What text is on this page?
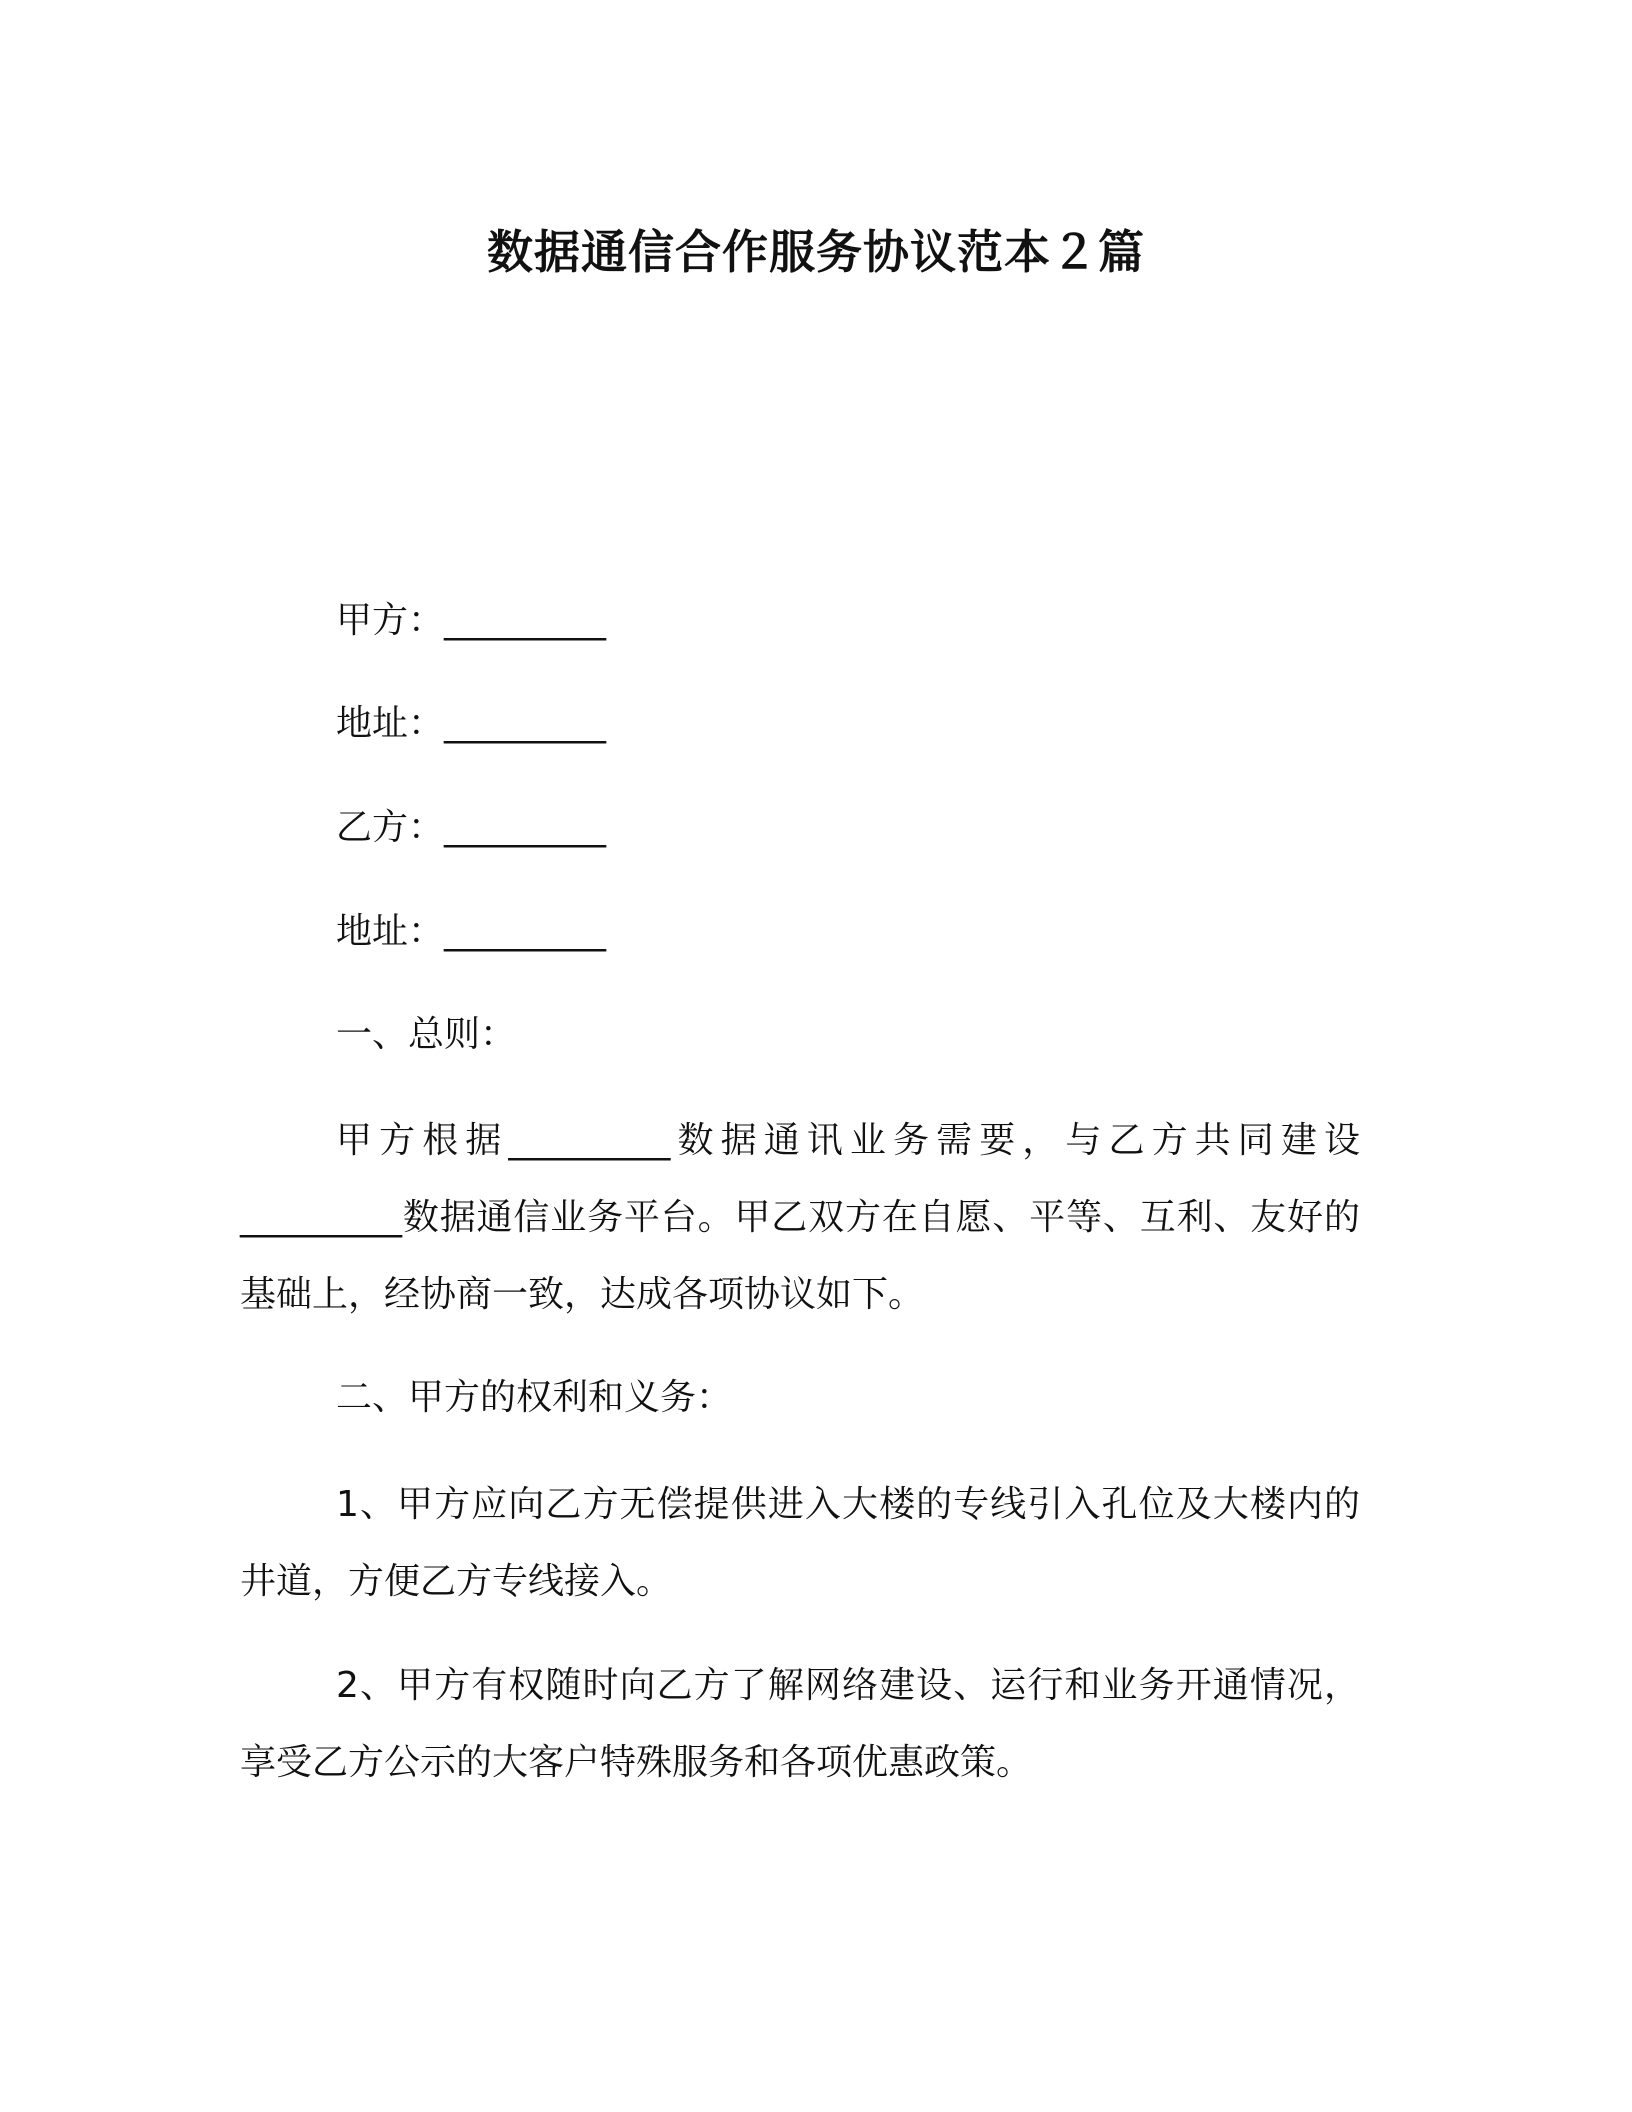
数据通信合作服务协议范本２篇
甲方：_________
地址：_________
乙方：_________
地址：_________
一、总则：

甲方根据_________数据通讯业务需要，与乙方共同建设_________数据通信业务平台。甲乙双方在自愿、平等、互利、友好的基础上，经协商一致，达成各项协议如下。

二、甲方的权利和义务：

1、甲方应向乙方无偿提供进入大楼的专线引入孔位及大楼内的井道，方便乙方专线接入。

2、甲方有权随时向乙方了解网络建设、运行和业务开通情况，享受乙方公示的大客户特殊服务和各项优惠政策。
